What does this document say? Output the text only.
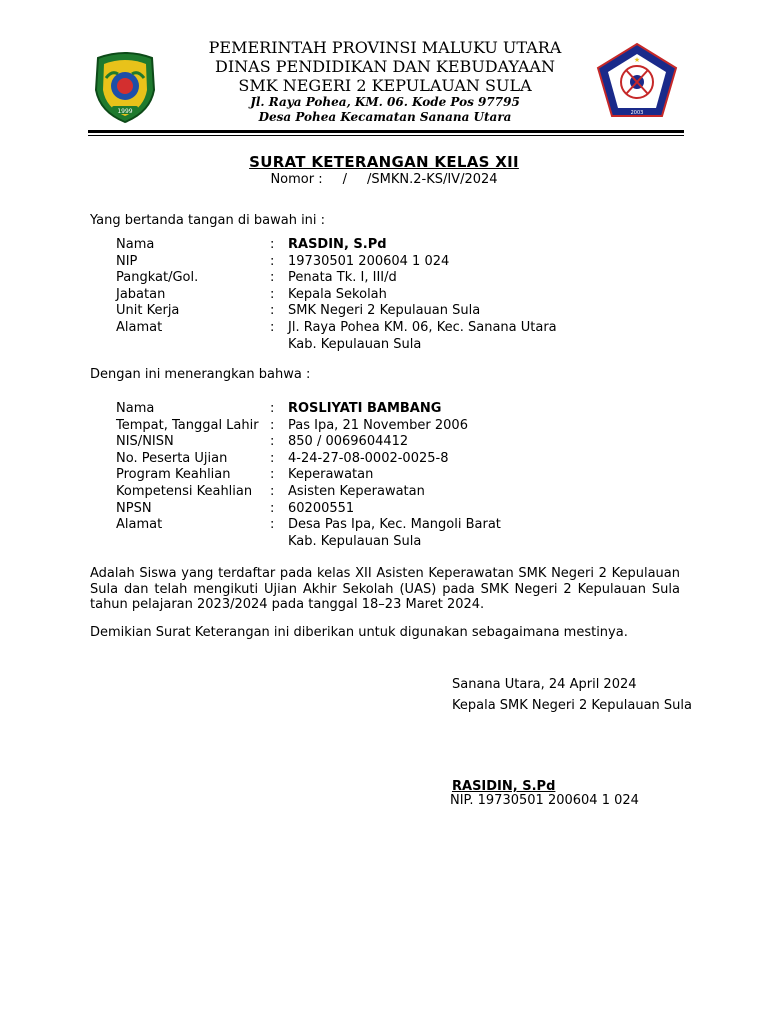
1999
PEMERINTAH PROVINSI MALUKU UTARA
DINAS PENDIDIKAN DAN KEBUDAYAAN
SMK NEGERI 2 KEPULAUAN SULA
Jl. Raya Pohea, KM. 06. Kode Pos 97795
Desa Pohea Kecamatan Sanana Utara	2003
★
SURAT KETERANGAN KELAS XII
Nomor : / /SMKN.2-KS/IV/2024
Yang bertanda tangan di bawah ini :
Nama	: RASDIN, S.Pd
NIP	: 19730501 200604 1 024
Pangkat/Gol.	: Penata Tk. I, III/d
Jabatan	: Kepala Sekolah
Unit Kerja	: SMK Negeri 2 Kepulauan Sula
Alamat	: Jl. Raya Pohea KM. 06, Kec. Sanana Utara
Kab. Kepulauan Sula
Dengan ini menerangkan bahwa :
Nama	: ROSLIYATI BAMBANG
Tempat, Tanggal Lahir : Pas Ipa, 21 November 2006
NIS/NISN	: 850 / 0069604412
No. Peserta Ujian	: 4-24-27-08-0002-0025-8
Program Keahlian	: Keperawatan
Kompetensi Keahlian : Asisten Keperawatan
NPSN	: 60200551
Alamat	: Desa Pas Ipa, Kec. Mangoli Barat
Kab. Kepulauan Sula
Adalah Siswa yang terdaftar pada kelas XII Asisten Keperawatan SMK Negeri 2 Kepulauan Sula dan telah mengikuti Ujian Akhir Sekolah (UAS) pada SMK Negeri 2 Kepulauan Sula tahun pelajaran 2023/2024 pada tanggal 18–23 Maret 2024.
Demikian Surat Keterangan ini diberikan untuk digunakan sebagaimana mestinya.
Sanana Utara, 24 April 2024
Kepala SMK Negeri 2 Kepulauan Sula
RASIDIN, S.Pd
NIP. 19730501 200604 1 024
